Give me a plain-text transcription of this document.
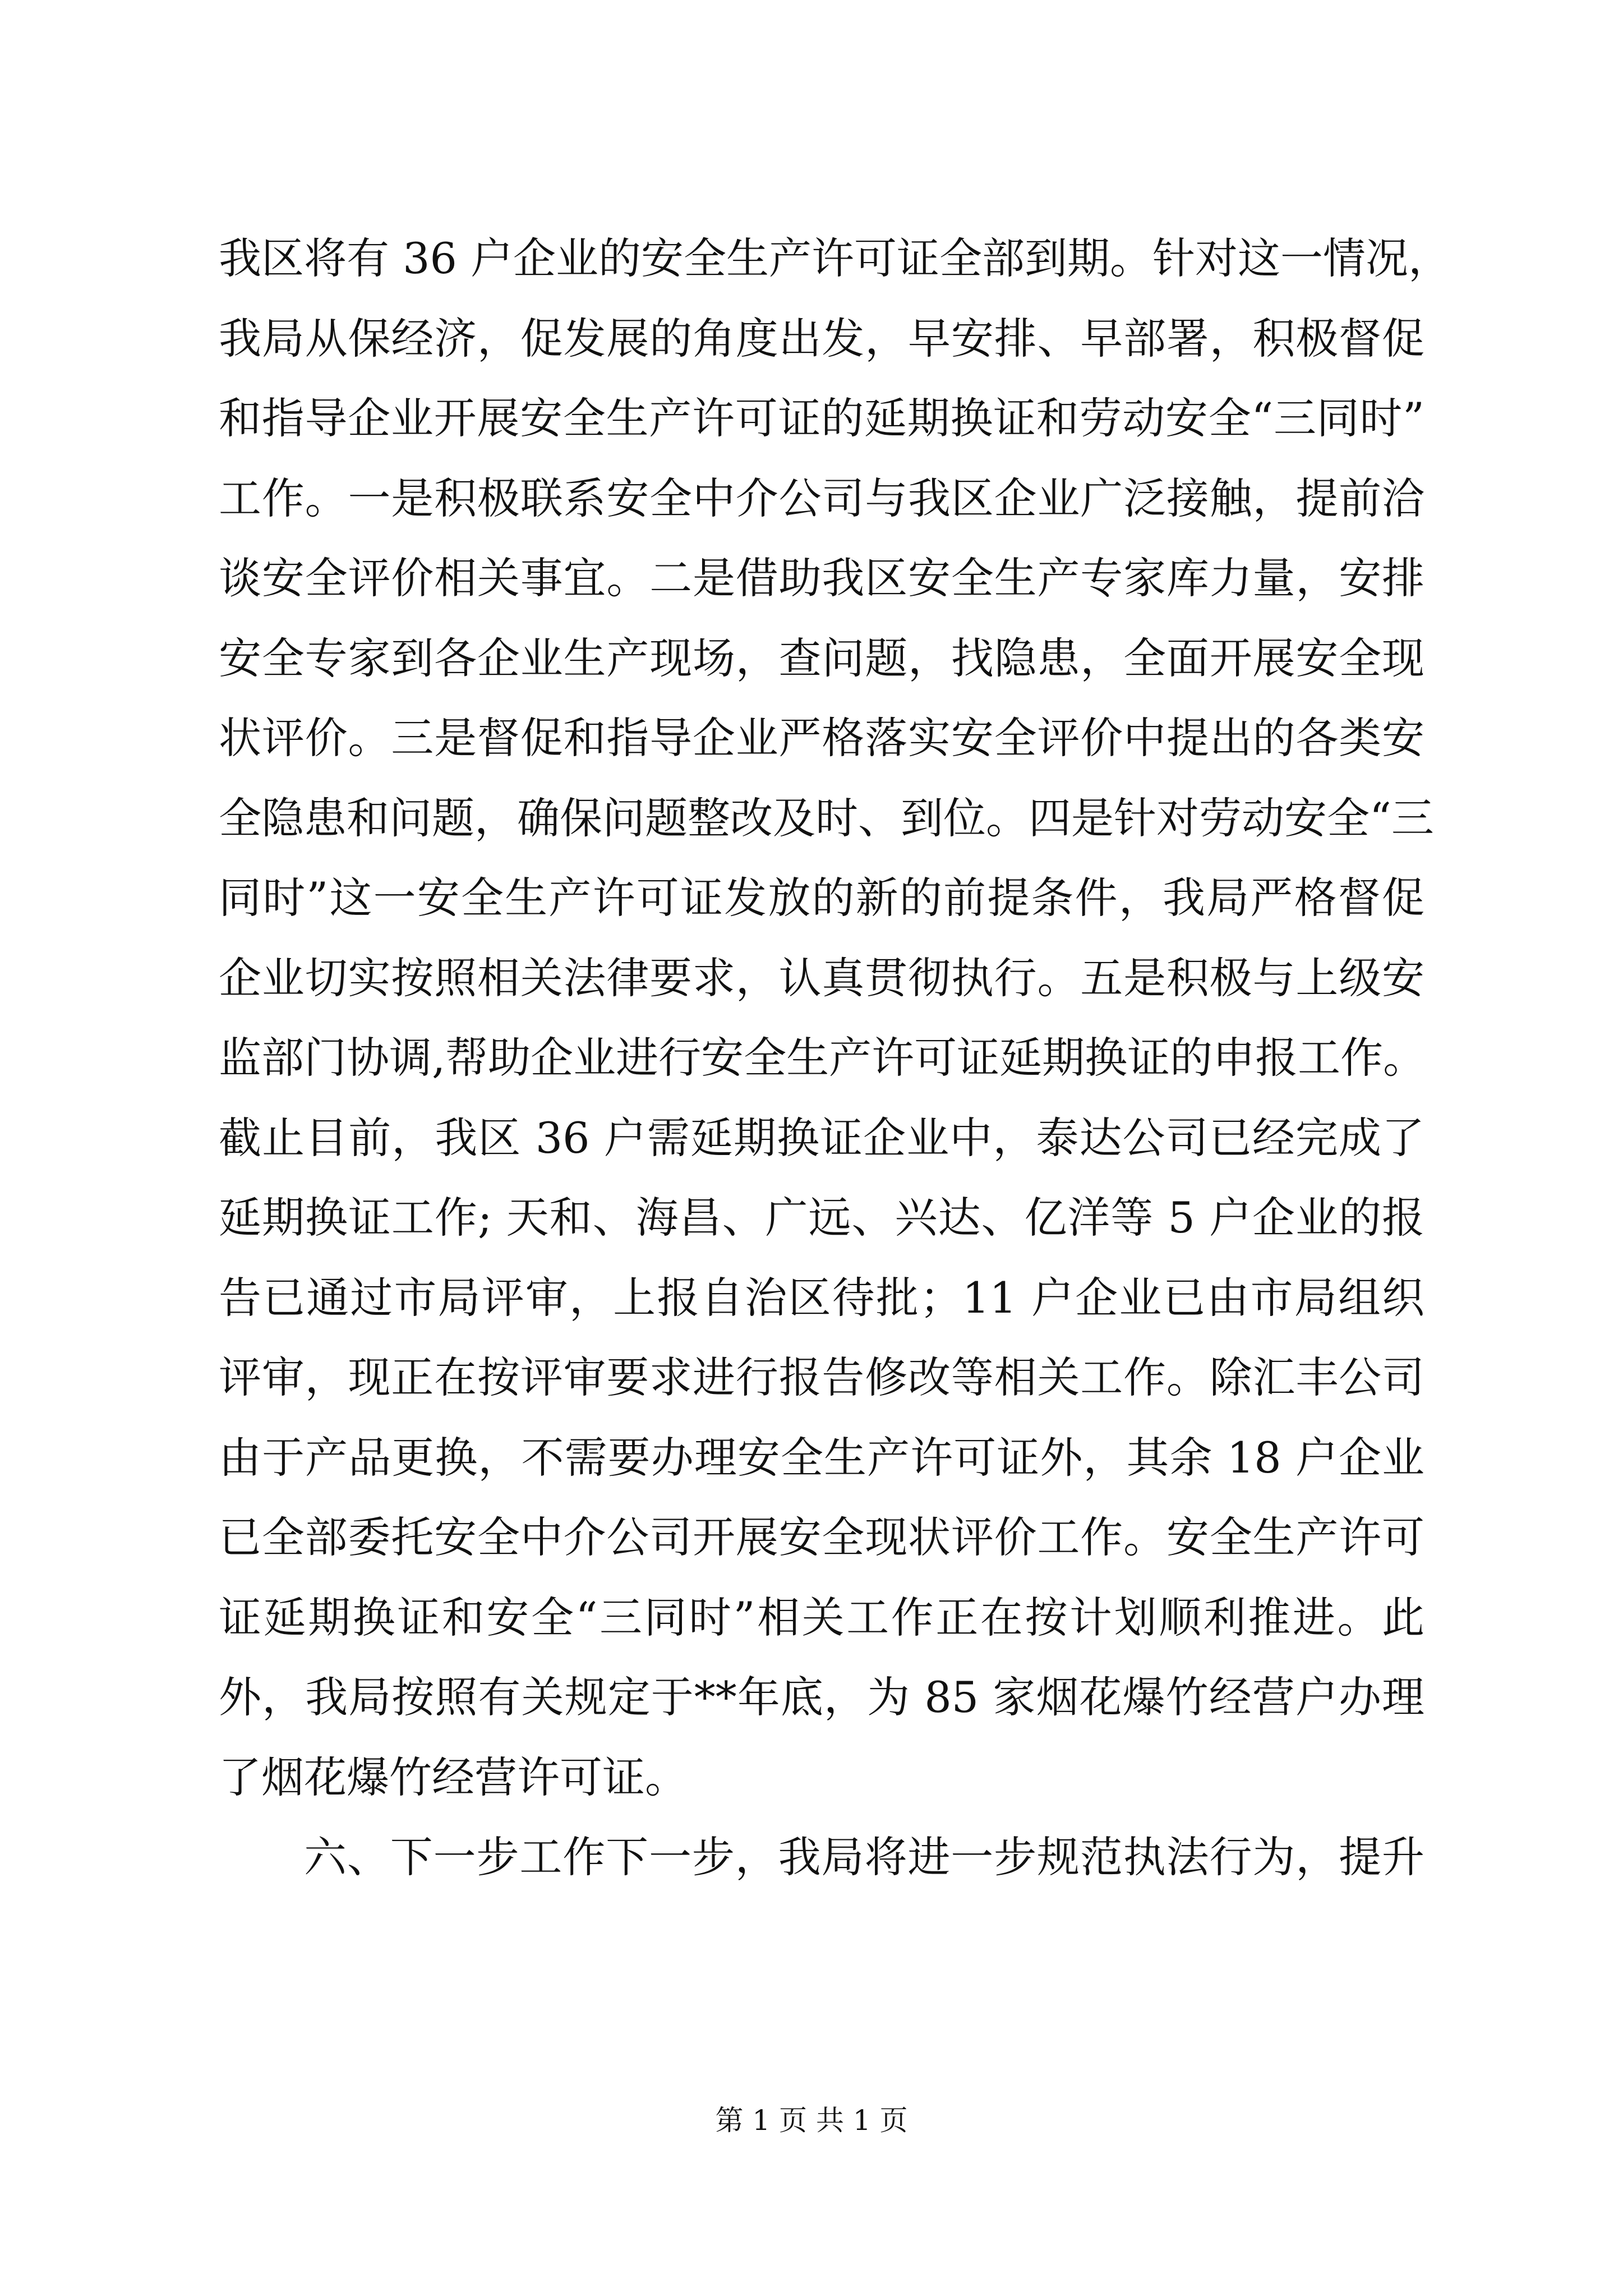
我区将有 36 户企业的安全生产许可证全部到期。针对这一情况，
我局从保经济，促发展的角度出发，早安排、早部署，积极督促
和指导企业开展安全生产许可证的延期换证和劳动安全“三同时”
工作。一是积极联系安全中介公司与我区企业广泛接触，提前洽
谈安全评价相关事宜。二是借助我区安全生产专家库力量，安排
安全专家到各企业生产现场，查问题，找隐患，全面开展安全现
状评价。三是督促和指导企业严格落实安全评价中提出的各类安
全隐患和问题，确保问题整改及时、到位。四是针对劳动安全“三
同时”这一安全生产许可证发放的新的前提条件，我局严格督促
企业切实按照相关法律要求，认真贯彻执行。五是积极与上级安
监部门协调,帮助企业进行安全生产许可证延期换证的申报工作。
截止目前，我区 36 户需延期换证企业中，泰达公司已经完成了
延期换证工作; 天和、海昌、广远、兴达、亿洋等 5 户企业的报
告已通过市局评审，上报自治区待批；11 户企业已由市局组织
评审，现正在按评审要求进行报告修改等相关工作。除汇丰公司
由于产品更换，不需要办理安全生产许可证外，其余 18 户企业
已全部委托安全中介公司开展安全现状评价工作。安全生产许可
证延期换证和安全“三同时”相关工作正在按计划顺利推进。此
外，我局按照有关规定于**年底，为 85 家烟花爆竹经营户办理
了烟花爆竹经营许可证。
六、下一步工作下一步，我局将进一步规范执法行为，提升
第 1 页 共 1 页
